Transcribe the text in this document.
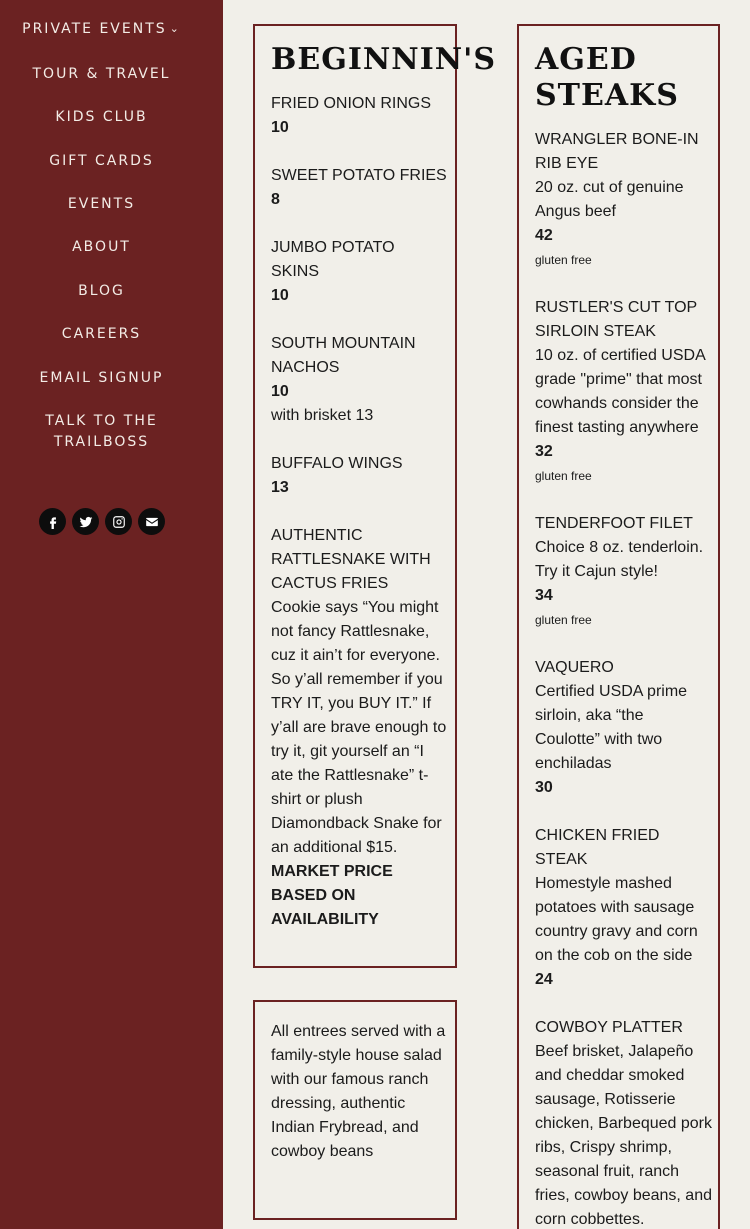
PRIVATE EVENTS ⌄
TOUR & TRAVEL
KIDS CLUB
GIFT CARDS
EVENTS
ABOUT
BLOG
CAREERS
EMAIL SIGNUP
TALK TO THE TRAILBOSS
BEGINNIN'S
FRIED ONION RINGS
10
SWEET POTATO FRIES
8
JUMBO POTATO SKINS
10
SOUTH MOUNTAIN NACHOS
10
with brisket 13
BUFFALO WINGS
13
AUTHENTIC RATTLESNAKE WITH CACTUS FRIES
Cookie says “You might not fancy Rattlesnake, cuz it ain’t for everyone. So y’all remember if you TRY IT, you BUY IT.” If y’all are brave enough to try it, git yourself an “I ate the Rattlesnake” t-shirt or plush Diamondback Snake for an additional $15.
MARKET PRICE BASED ON AVAILABILITY
All entrees served with a family-style house salad with our famous ranch dressing, authentic Indian Frybread, and cowboy beans
AGED STEAKS
WRANGLER BONE-IN RIB EYE
20 oz. cut of genuine Angus beef
42
gluten free
RUSTLER'S CUT TOP SIRLOIN STEAK
10 oz. of certified USDA grade "prime" that most cowhands consider the finest tasting anywhere
32
gluten free
TENDERFOOT FILET
Choice 8 oz. tenderloin. Try it Cajun style!
34
gluten free
VAQUERO
Certified USDA prime sirloin, aka “the Coulotte” with two enchiladas
30
CHICKEN FRIED STEAK
Homestyle mashed potatoes with sausage country gravy and corn on the cob on the side
24
COWBOY PLATTER
Beef brisket, Jalapeño and cheddar smoked sausage, Rotisserie chicken, Barbequed pork ribs, Crispy shrimp, seasonal fruit, ranch fries, cowboy beans, and corn cobbettes.
